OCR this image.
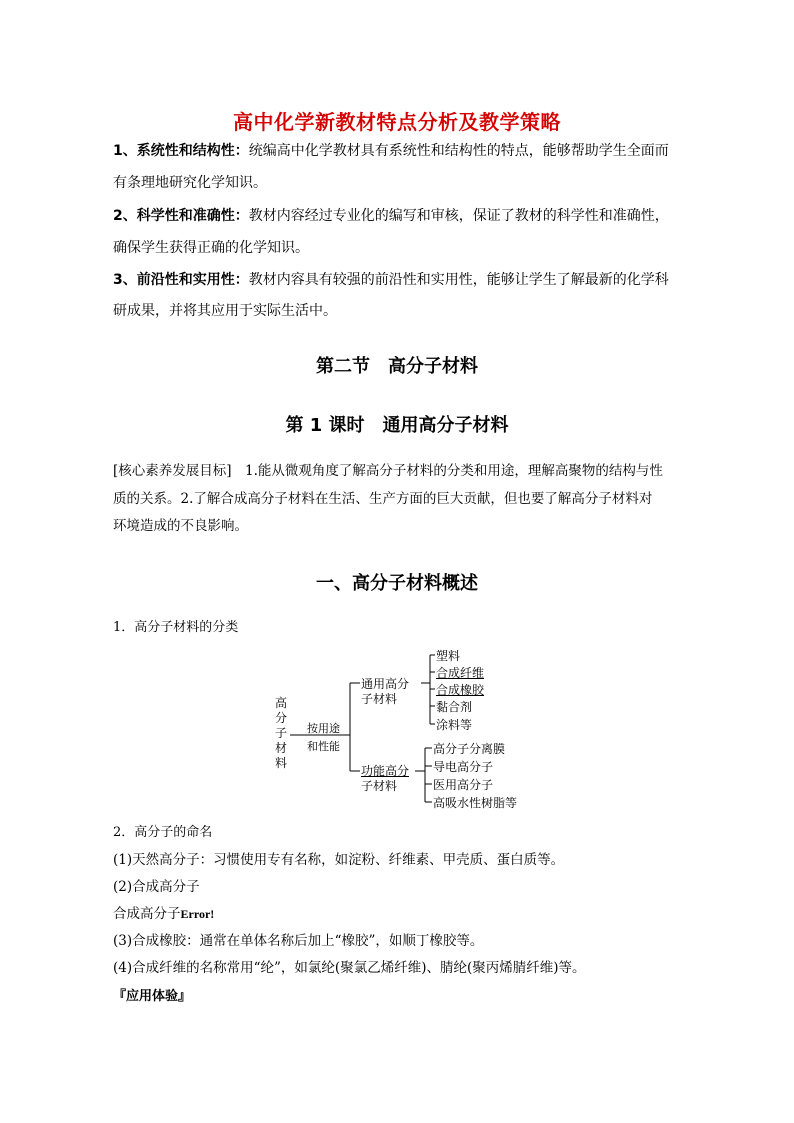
高中化学新教材特点分析及教学策略
1、系统性和结构性：统编高中化学教材具有系统性和结构性的特点，能够帮助学生全面而
有条理地研究化学知识。
2、科学性和准确性：教材内容经过专业化的编写和审核，保证了教材的科学性和准确性，
确保学生获得正确的化学知识。
3、前沿性和实用性：教材内容具有较强的前沿性和实用性，能够让学生了解最新的化学科
研成果，并将其应用于实际生活中。
第二节　高分子材料
第 1 课时　通用高分子材料
[核心素养发展目标]　1.能从微观角度了解高分子材料的分类和用途，理解高聚物的结构与性
质的关系。2.了解合成高分子材料在生活、生产方面的巨大贡献，但也要了解高分子材料对
环境造成的不良影响。
一、高分子材料概述
1．高分子材料的分类
高
分
子
材
料
按用途
和性能
通用高分
子材料
塑料
合成纤维
合成橡胶
黏合剂
涂料等
功能高分
子材料
高分子分离膜
导电高分子
医用高分子
高吸水性树脂等
2．高分子的命名
(1)天然高分子：习惯使用专有名称，如淀粉、纤维素、甲壳质、蛋白质等。
(2)合成高分子
合成高分子Error!
(3)合成橡胶：通常在单体名称后加上“橡胶”，如顺丁橡胶等。
(4)合成纤维的名称常用“纶”，如氯纶(聚氯乙烯纤维)、腈纶(聚丙烯腈纤维)等。
『应用体验』
